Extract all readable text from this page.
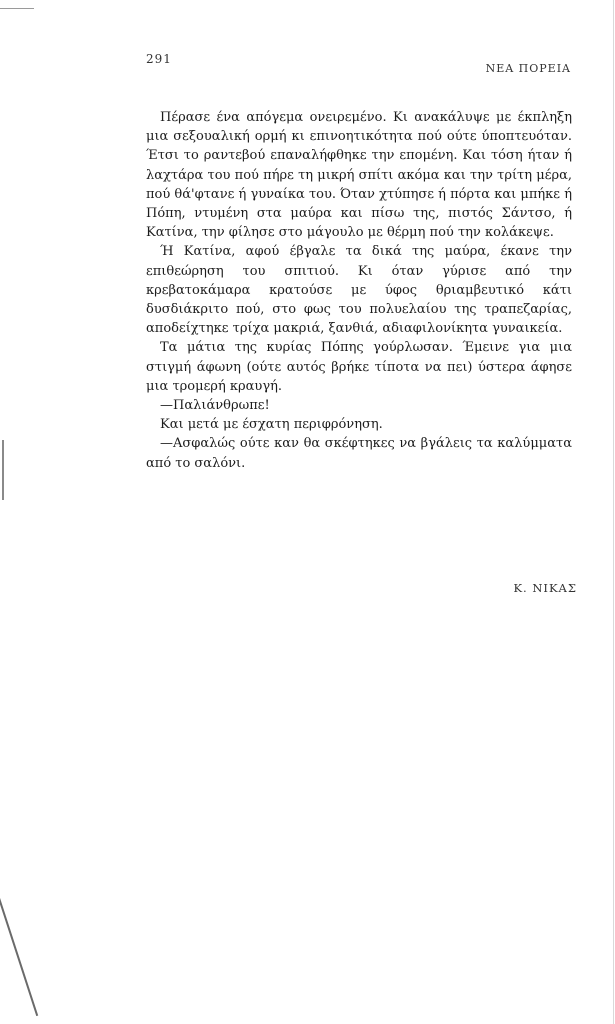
291
ΝΕΑ ΠΟΡΕΙΑ

Πέρασε ένα απόγεμα ονειρεμένο. Κι ανακάλυψε με έκπληξη μια σεξουαλική ορμή κι επινοητικότητα πού ούτε ύποπτευόταν. Έτσι το ραντεβού επαναλήφθηκε την επομένη. Και τόση ήταν ή λαχτάρα του πού πήρε τη μικρή σπίτι ακόμα και την τρίτη μέρα, πού θά'φτανε ή γυναίκα του. Όταν χτύπησε ή πόρτα και μπήκε ή Πόπη, ντυμένη στα μαύρα και πίσω της, πιστός Σάντσο, ή Κατίνα, την φίλησε στο μάγουλο με θέρμη πού την κολάκεψε.

Ή Κατίνα, αφού έβγαλε τα δικά της μαύρα, έκανε την επιθεώρηση του σπιτιού. Κι όταν γύρισε από την κρεβατοκάμαρα κρατούσε με ύφος θριαμβευτικό κάτι δυσδιάκριτο πού, στο φως του πολυελαίου της τραπεζαρίας, αποδείχτηκε τρίχα μακριά, ξανθιά, αδιαφιλονίκητα γυναικεία.

Τα μάτια της κυρίας Πόπης γούρλωσαν. Έμεινε για μια στιγμή άφωνη (ούτε αυτός βρήκε τίποτα να πει) ύστερα άφησε μια τρομερή κραυγή.

—Παλιάνθρωπε!

Και μετά με έσχατη περιφρόνηση.

—Ασφαλώς ούτε καν θα σκέφτηκες να βγάλεις τα καλύμματα από το σαλόνι.

Κ. ΝΙΚΑΣ
